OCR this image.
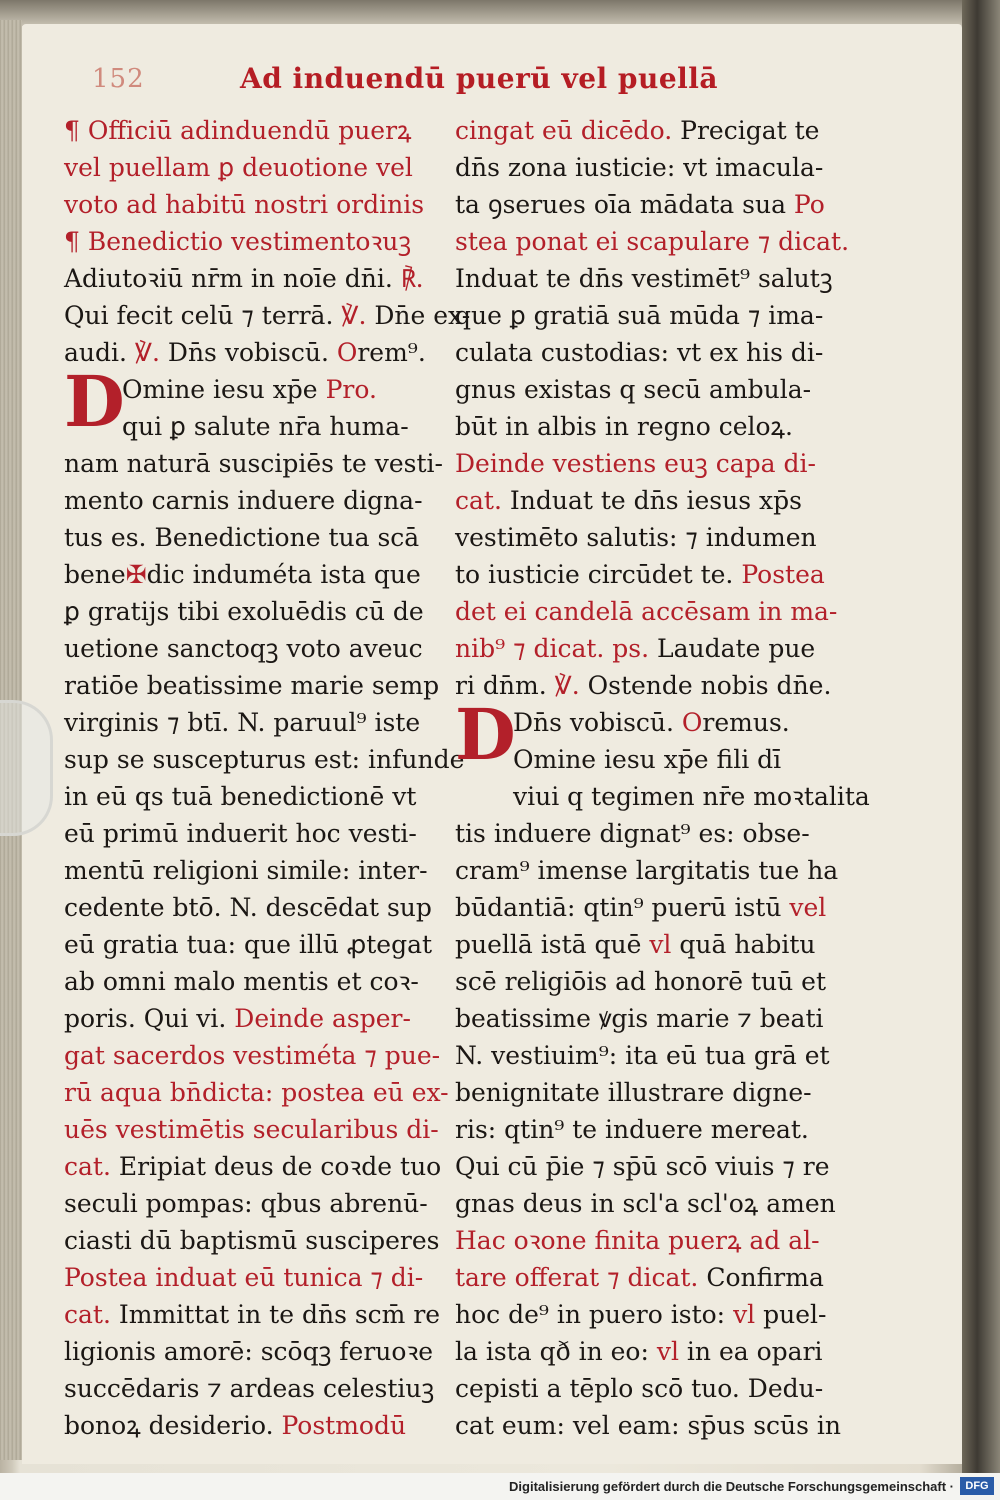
152	Ad induendū puerū vel puellā
¶ Officiū adinduendū puerꝝ
vel puellam ꝑ deuotione vel
voto ad habitū nostri ordinis
¶ Benedictio vestimentoꝛuꝫ
Adiutoꝛiū nr̄m in noīe dn̄i. ℟.
Qui fecit celū ⁊ terrā. ℣. Dn̄e ex-
audi. ℣. Dn̄s vobiscū. Orem⁹.
D
Omine iesu xp̄e Pro.
qui ꝑ salute nr̄a huma-
nam naturā suscipiēs te vesti-
mento carnis induere digna-
tus es. Benedictione tua scā
bene✠dic induméta ista que
ꝑ gratijs tibi exoluēdis cū de
uetione sanctoqꝫ voto aveuc
ratiōe beatissime marie semp
virginis ⁊ btī. N. paruul⁹ iste
sup se suscepturus est: infunde
in eū qs tuā benedictionē vt
eū primū induerit hoc vesti-
mentū religioni simile: inter-
cedente btō. N. descēdat sup
eū gratia tua: que illū ꝓtegat
ab omni malo mentis et coꝛ-
poris. Qui vi. Deinde asper-
gat sacerdos vestiméta ⁊ pue-
rū aqua bn̄dicta: postea eū ex-
uēs vestimētis secularibus di-
cat. Eripiat deus de coꝛde tuo
seculi pompas: qbus abrenū-
ciasti dū baptismū susciperes
Postea induat eū tunica ⁊ di-
cat. Immittat in te dn̄s scm̄ re
ligionis amorē: scōqꝫ feruoꝛe
succēdaris ⁊ ardeas celestiuꝫ
bonoꝝ desiderio. Postmodū
cingat eū dicēdo. Precigat te
dn̄s zona iusticie: vt imacula-
ta ꝯserues oīa mādata sua Po
stea ponat ei scapulare ⁊ dicat.
Induat te dn̄s vestimēt⁹ salutꝫ
que ꝑ gratiā suā mūda ⁊ ima-
culata custodias: vt ex his di-
gnus existas q secū ambula-
būt in albis in regno celoꝝ.
Deinde vestiens euꝫ capa di-
cat. Induat te dn̄s iesus xp̄s
vestimēto salutis: ⁊ indumen
to iusticie circūdet te. Postea
det ei candelā accēsam in ma-
nib⁹ ⁊ dicat. ps. Laudate pue
ri dn̄m. ℣. Ostende nobis dn̄e.
D
Dn̄s vobiscū. Oremus.
Omine iesu xp̄e fili dī
viui q tegimen nr̄e moꝛtalita
tis induere dignat⁹ es: obse-
cram⁹ imense largitatis tue ha
būdantiā: qtin⁹ puerū istū vel
puellā istā quē vl quā habitu
scē religiōis ad honorē tuū et
beatissime ꝟgis marie ⁊ beati
N. vestiuim⁹: ita eū tua grā et
benignitate illustrare digne-
ris: qtin⁹ te induere mereat.
Qui cū p̄ie ⁊ sp̄ū scō viuis ⁊ re
gnas deus in scl'a scl'oꝝ amen
Hac oꝛone finita puerꝝ ad al-
tare offerat ⁊ dicat. Confirma
hoc de⁹ in puero isto: vl puel-
la ista qð in eo: vl in ea opari
cepisti a tēplo scō tuo. Dedu-
cat eum: vel eam: sp̄us scūs in
Digitalisierung gefördert durch die Deutsche Forschungsgemeinschaft ·	DFG
